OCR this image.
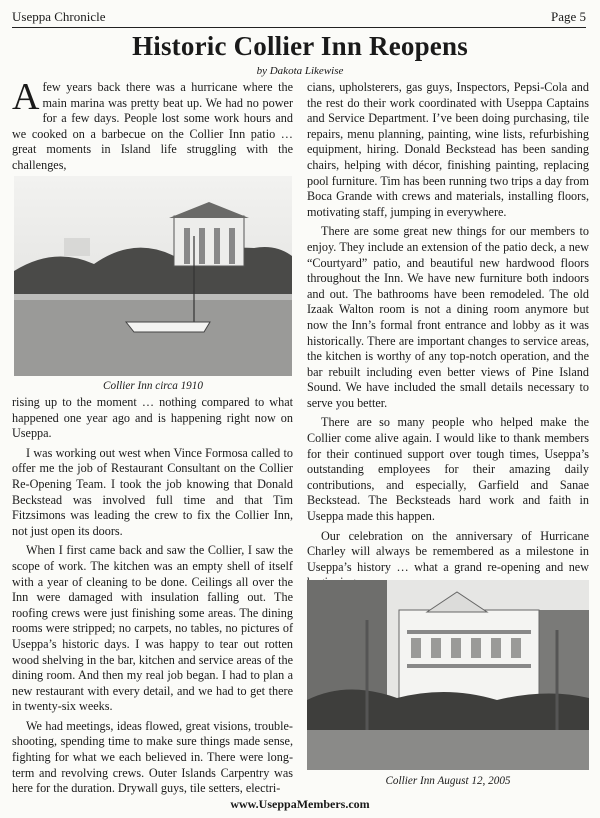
Useppa Chronicle	Page 5
Historic Collier Inn Reopens
by Dakota Likewise

Afew years back there was a hurricane where the main marina was pretty beat up. We had no power for a few days. People lost some work hours and we cooked on a barbecue on the Collier Inn patio … great moments in Island life struggling with the challenges,

Collier Inn circa 1910

rising up to the moment … nothing compared to what happened one year ago and is happening right now on Useppa.

I was working out west when Vince Formosa called to offer me the job of Restaurant Consultant on the Collier Re-Opening Team. I took the job knowing that Donald Beckstead was involved full time and that Tim Fitzsimons was leading the crew to fix the Collier Inn, not just open its doors.

When I first came back and saw the Collier, I saw the scope of work. The kitchen was an empty shell of itself with a year of cleaning to be done. Ceilings all over the Inn were damaged with insulation falling out. The roofing crews were just finishing some areas. The dining rooms were stripped; no carpets, no tables, no pictures of Useppa’s historic days. I was happy to tear out rotten wood shelving in the bar, kitchen and service areas of the dining room. And then my real job began. I had to plan a new restaurant with every detail, and we had to get there in twenty-six weeks.

We had meetings, ideas flowed, great visions, trouble-shooting, spending time to make sure things made sense, fighting for what we each believed in. There were long-term and revolving crews. Outer Islands Carpentry was here for the duration. Drywall guys, tile setters, electri-

cians, upholsterers, gas guys, Inspectors, Pepsi-Cola and the rest do their work coordinated with Useppa Captains and Service Department. I’ve been doing purchasing, tile repairs, menu planning, painting, wine lists, refurbishing equipment, hiring. Donald Beckstead has been sanding chairs, helping with décor, finishing painting, replacing pool furniture. Tim has been running two trips a day from Boca Grande with crews and materials, installing floors, motivating staff, jumping in everywhere.

There are some great new things for our members to enjoy. They include an extension of the patio deck, a new “Courtyard” patio, and beautiful new hardwood floors throughout the Inn. We have new furniture both indoors and out. The bathrooms have been remodeled. The old Izaak Walton room is not a dining room anymore but now the Inn’s formal front entrance and lobby as it was historically. There are important changes to service areas, the kitchen is worthy of any top-notch operation, and the bar rebuilt including even better views of Pine Island Sound. We have included the small details necessary to serve you better.

There are so many people who helped make the Collier come alive again. I would like to thank members for their continued support over tough times, Useppa’s outstanding employees for their amazing daily contributions, and especially, Garfield and Sanae Beckstead. The Becksteads hard work and faith in Useppa made this happen.

Our celebration on the anniversary of Hurricane Charley will always be remembered as a milestone in Useppa’s history … what a grand re-opening and new

Collier Inn August 12, 2005
www.UseppaMembers.com
